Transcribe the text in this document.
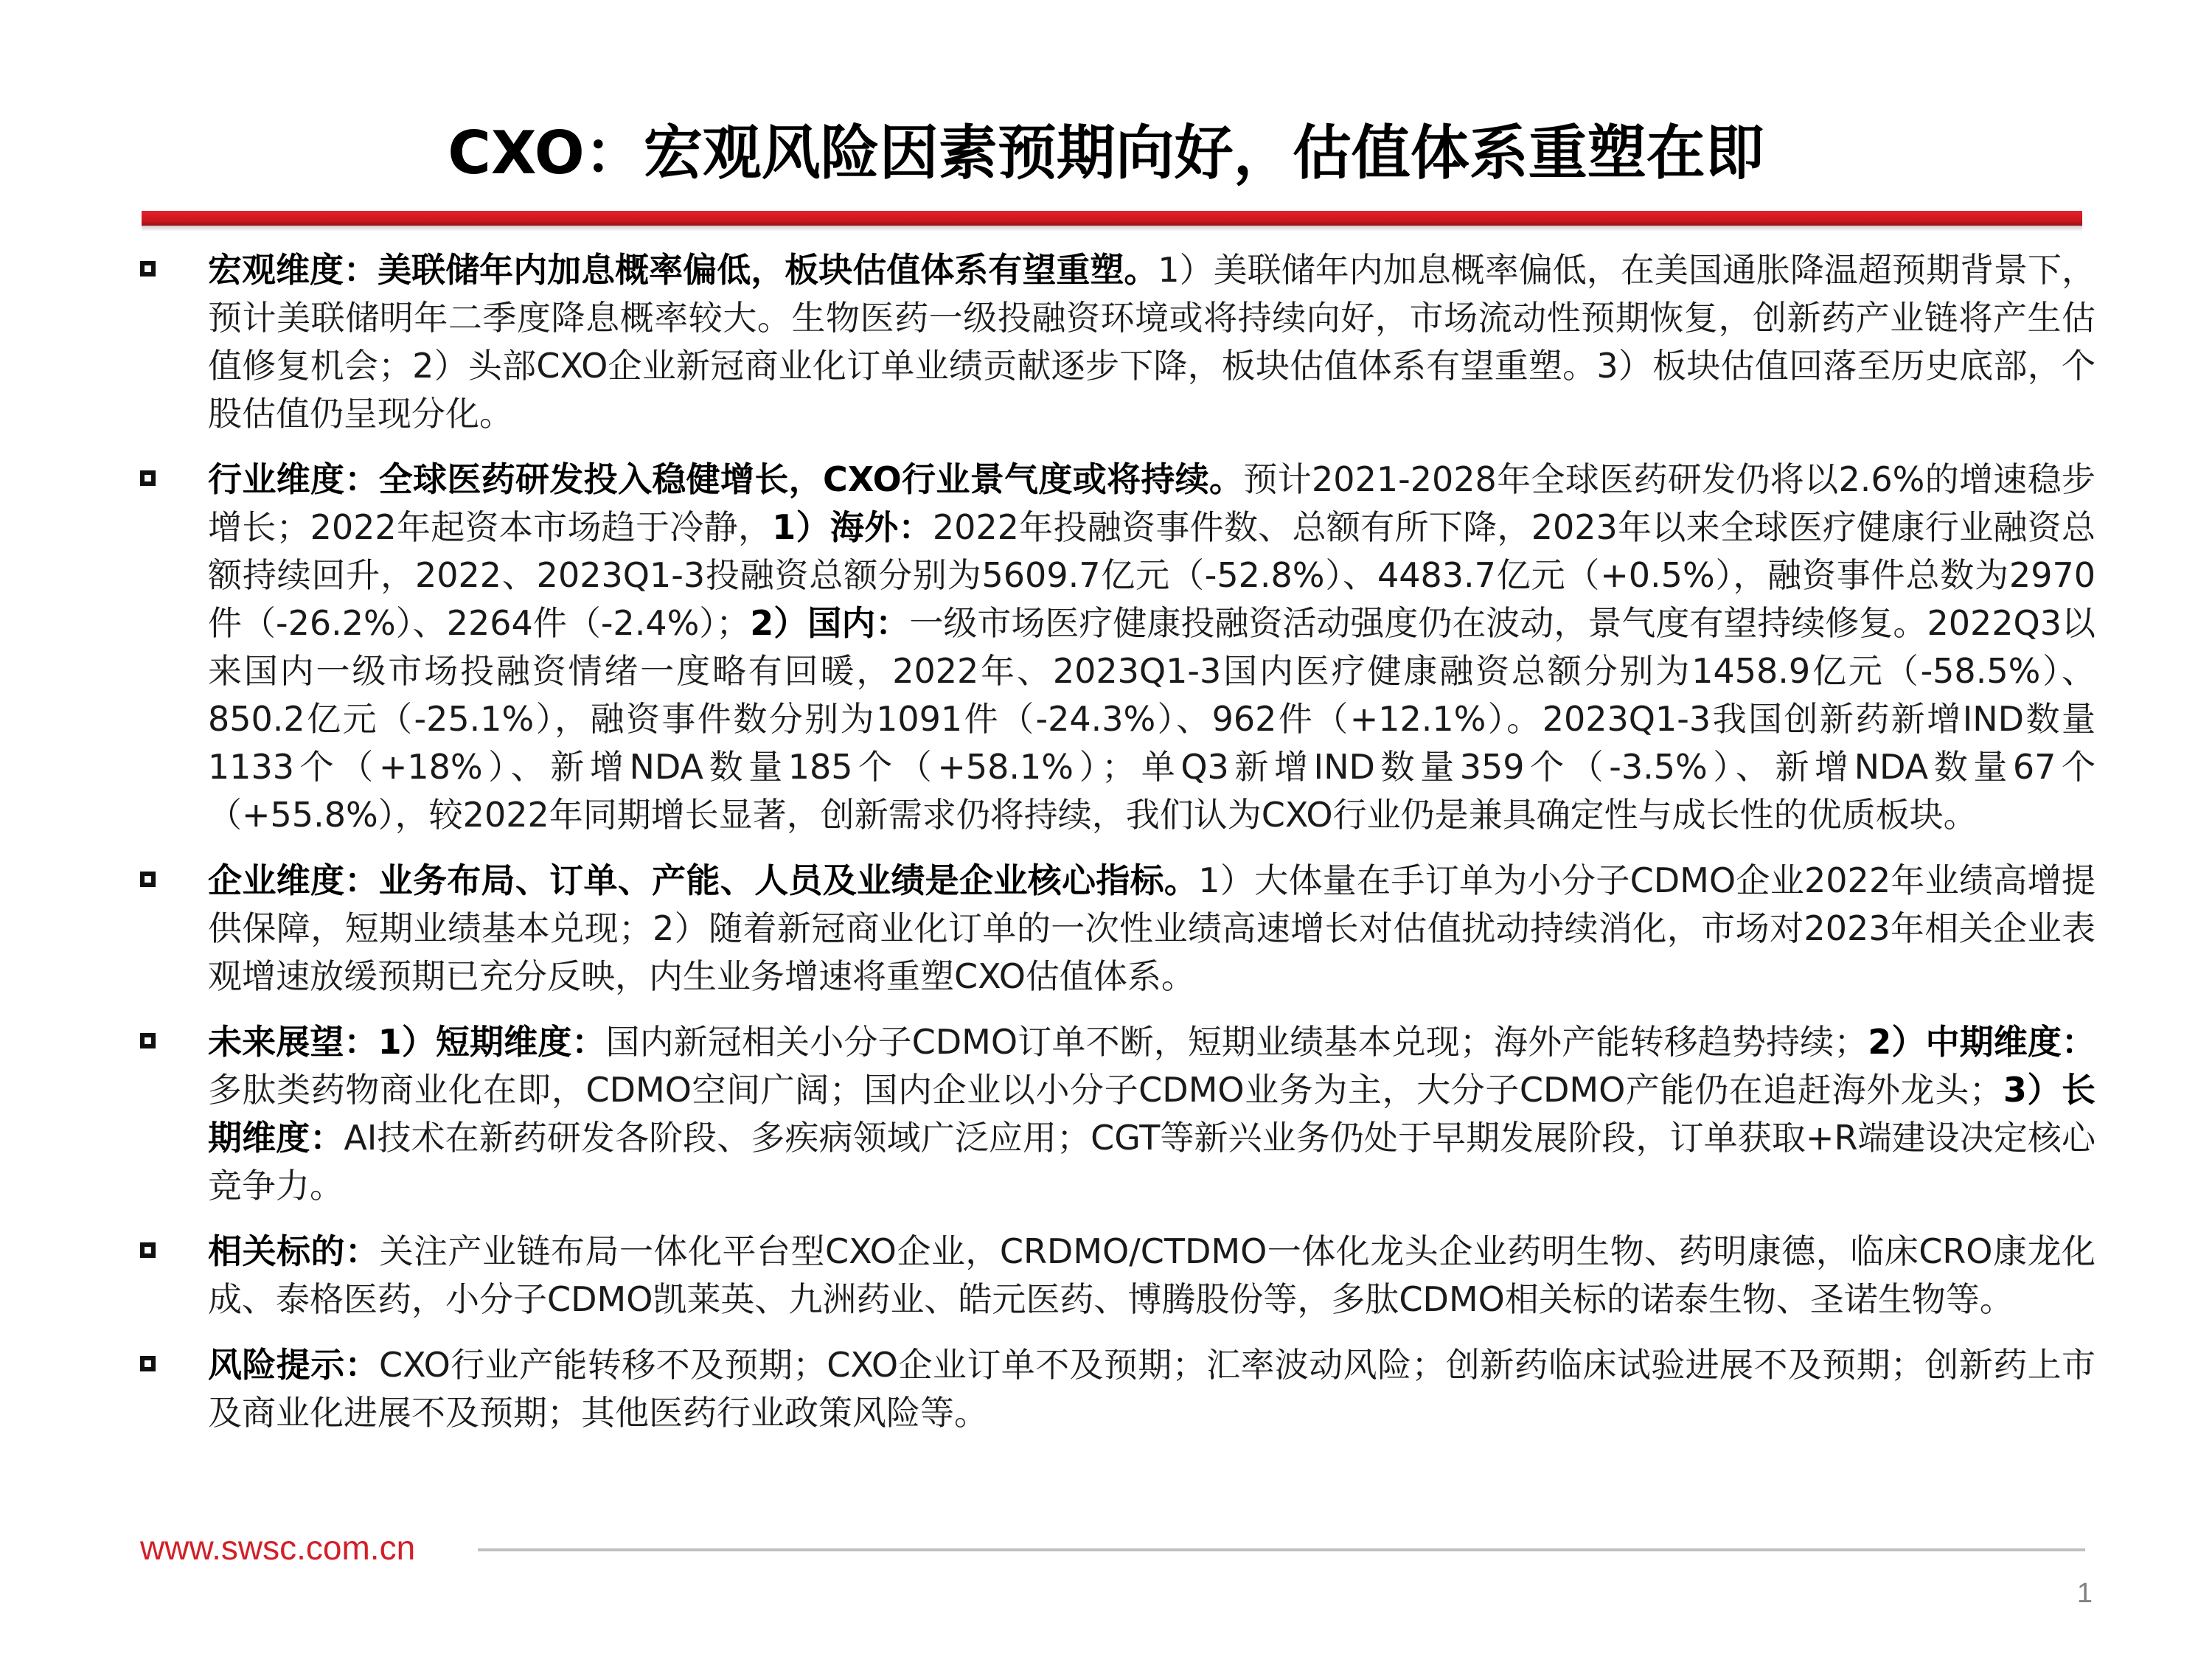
CXO：宏观风险因素预期向好，估值体系重塑在即

宏观维度：美联储年内加息概率偏低，板块估值体系有望重塑。1）美联储年内加息概率偏低，在美国通胀降温超预期背景下，预计美联储明年二季度降息概率较大。生物医药一级投融资环境或将持续向好，市场流动性预期恢复，创新药产业链将产生估值修复机会；2）头部CXO企业新冠商业化订单业绩贡献逐步下降，板块估值体系有望重塑。3）板块估值回落至历史底部，个股估值仍呈现分化。

行业维度：全球医药研发投入稳健增长，CXO行业景气度或将持续。预计2021-2028年全球医药研发仍将以2.6%的增速稳步增长；2022年起资本市场趋于冷静，1）海外：2022年投融资事件数、总额有所下降，2023年以来全球医疗健康行业融资总额持续回升，2022、2023Q1-3投融资总额分别为5609.7亿元（-52.8%）、4483.7亿元（+0.5%），融资事件总数为2970件（-26.2%）、2264件（-2.4%）；2）国内：一级市场医疗健康投融资活动强度仍在波动，景气度有望持续修复。2022Q3以来国内一级市场投融资情绪一度略有回暖，2022年、2023Q1-3国内医疗健康融资总额分别为1458.9亿元（-58.5%）、850.2亿元（-25.1%），融资事件数分别为1091件（-24.3%）、962件（+12.1%）。2023Q1-3我国创新药新增IND数量1133个（+18%）、新增NDA数量185个（+58.1%）；单Q3新增IND数量359个（-3.5%）、新增NDA数量67个（+55.8%），较2022年同期增长显著，创新需求仍将持续，我们认为CXO行业仍是兼具确定性与成长性的优质板块。

企业维度：业务布局、订单、产能、人员及业绩是企业核心指标。1）大体量在手订单为小分子CDMO企业2022年业绩高增提供保障，短期业绩基本兑现；2）随着新冠商业化订单的一次性业绩高速增长对估值扰动持续消化，市场对2023年相关企业表观增速放缓预期已充分反映，内生业务增速将重塑CXO估值体系。

未来展望：1）短期维度：国内新冠相关小分子CDMO订单不断，短期业绩基本兑现；海外产能转移趋势持续；2）中期维度：多肽类药物商业化在即，CDMO空间广阔；国内企业以小分子CDMO业务为主，大分子CDMO产能仍在追赶海外龙头；3）长期维度：AI技术在新药研发各阶段、多疾病领域广泛应用；CGT等新兴业务仍处于早期发展阶段，订单获取+R端建设决定核心竞争力。

相关标的：关注产业链布局一体化平台型CXO企业，CRDMO/CTDMO一体化龙头企业药明生物、药明康德，临床CRO康龙化成、泰格医药，小分子CDMO凯莱英、九洲药业、皓元医药、博腾股份等，多肽CDMO相关标的诺泰生物、圣诺生物等。

风险提示：CXO行业产能转移不及预期；CXO企业订单不及预期；汇率波动风险；创新药临床试验进展不及预期；创新药上市及商业化进展不及预期；其他医药行业政策风险等。

www.swsc.com.cn
1
